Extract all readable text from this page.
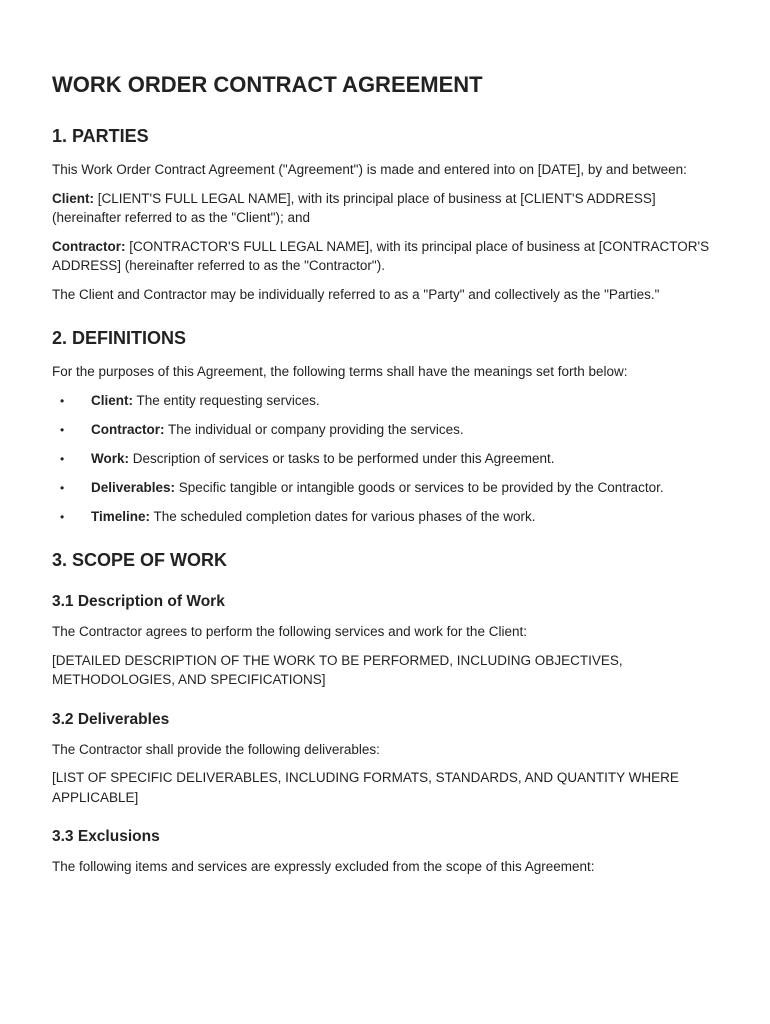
WORK ORDER CONTRACT AGREEMENT
1. PARTIES

This Work Order Contract Agreement ("Agreement") is made and entered into on [DATE], by and between:

Client: [CLIENT'S FULL LEGAL NAME], with its principal place of business at [CLIENT'S ADDRESS] (hereinafter referred to as the "Client"); and

Contractor: [CONTRACTOR'S FULL LEGAL NAME], with its principal place of business at [CONTRACTOR'S ADDRESS] (hereinafter referred to as the "Contractor").

The Client and Contractor may be individually referred to as a "Party" and collectively as the "Parties."

2. DEFINITIONS

For the purposes of this Agreement, the following terms shall have the meanings set forth below:

• Client: The entity requesting services.
• Contractor: The individual or company providing the services.
• Work: Description of services or tasks to be performed under this Agreement.
• Deliverables: Specific tangible or intangible goods or services to be provided by the Contractor.
• Timeline: The scheduled completion dates for various phases of the work.
3. SCOPE OF WORK
3.1 Description of Work

The Contractor agrees to perform the following services and work for the Client:

[DETAILED DESCRIPTION OF THE WORK TO BE PERFORMED, INCLUDING OBJECTIVES, METHODOLOGIES, AND SPECIFICATIONS]

3.2 Deliverables

The Contractor shall provide the following deliverables:

[LIST OF SPECIFIC DELIVERABLES, INCLUDING FORMATS, STANDARDS, AND QUANTITY WHERE APPLICABLE]

3.3 Exclusions

The following items and services are expressly excluded from the scope of this Agreement:
